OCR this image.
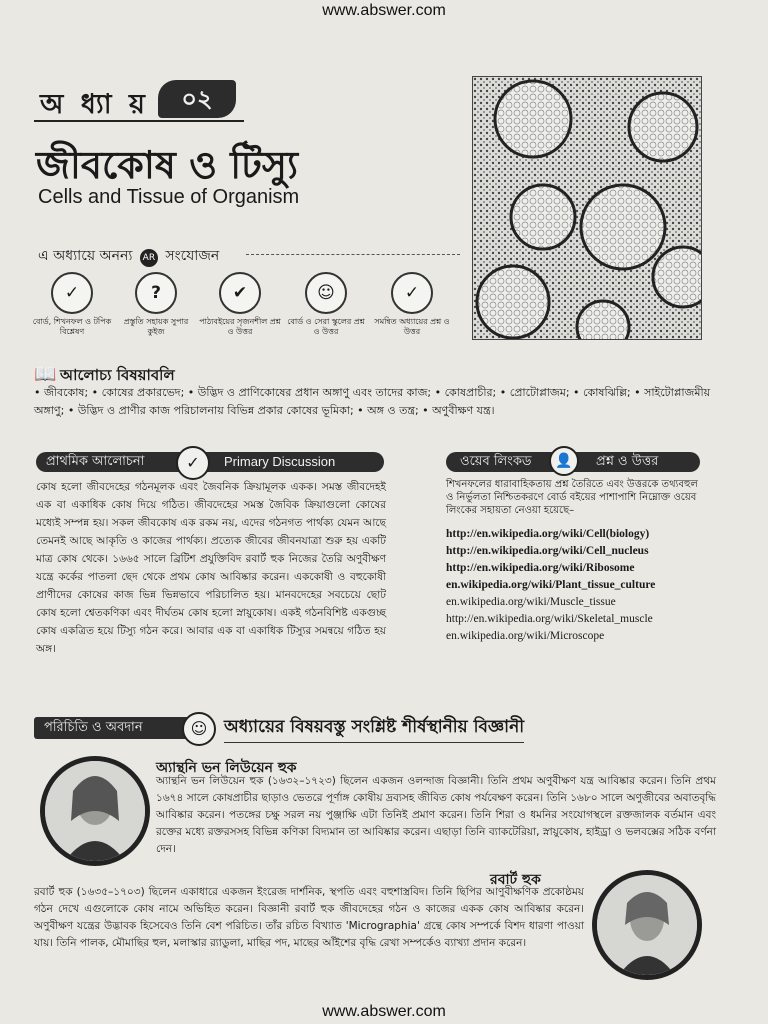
www.abswer.com
অ ধ্যা য়	০২
জীবকোষ ও টিস্যু
Cells and Tissue of Organism
এ অধ্যায়ে অনন্য AR সংযোজন
✓
বোর্ড, শিখনফল ও টপিক বিশ্লেষণ
?
প্রস্তুতি সহায়ক সুপার কুইজ
✔
পাঠ্যবইয়ের সৃজনশীল প্রশ্ন ও উত্তর
☺
বোর্ড ও সেরা স্কুলের প্রশ্ন ও উত্তর
✓
সমন্বিত অধ্যায়ের প্রশ্ন ও উত্তর
📖 আলোচ্য বিষয়াবলি
• জীবকোষ; • কোষের প্রকারভেদ; • উদ্ভিদ ও প্রাণিকোষের প্রধান অঙ্গাণু এবং তাদের কাজ; • কোষপ্রাচীর; • প্রোটোপ্লাজম; • কোষঝিল্লি; • সাইটোপ্লাজমীয় অঙ্গাণু; • উদ্ভিদ ও প্রাণীর কাজ পরিচালনায় বিভিন্ন প্রকার কোষের ভূমিকা; • অঙ্গ ও তন্ত্র; • অণুবীক্ষণ যন্ত্র।
প্রাথমিক আলোচনা	Primary Discussion
✓
কোষ হলো জীবদেহের গঠনমূলক এবং জৈবনিক ক্রিয়ামূলক একক। সমস্ত জীবদেহই এক বা একাধিক কোষ দিয়ে গঠিত। জীবদেহের সমস্ত জৈবিক ক্রিয়াগুলো কোষের মধ্যেই সম্পন্ন হয়। সকল জীবকোষ এক রকম নয়, এদের গঠনগত পার্থক্য যেমন আছে তেমনই আছে আকৃতি ও কাজের পার্থক্য। প্রত্যেক জীবের জীবনযাত্রা শুরু হয় একটি মাত্র কোষ থেকে। ১৬৬৫ সালে ব্রিটিশ প্রযুক্তিবিদ রবার্ট হুক নিজের তৈরি অণুবীক্ষণ যন্ত্রে কর্কের পাতলা ছেদ থেকে প্রথম কোষ আবিষ্কার করেন। এককোষী ও বহুকোষী প্রাণীদের কোষের কাজ ভিন্ন ভিন্নভাবে পরিচালিত হয়। মানবদেহের সবচেয়ে ছোট কোষ হলো শ্বেতকণিকা এবং দীর্ঘতম কোষ হলো স্নায়ুকোষ। একই গঠনবিশিষ্ট একগুচ্ছ কোষ একত্রিত হয়ে টিস্যু গঠন করে। আবার এক বা একাধিক টিস্যুর সমন্বয়ে গঠিত হয় অঙ্গ।
ওয়েব লিংকড	প্রশ্ন ও উত্তর
👤
শিখনফলের ধারাবাহিকতায় প্রশ্ন তৈরিতে এবং উত্তরকে তথ্যবহুল ও নির্ভুলতা নিশ্চিতকরণে বোর্ড বইয়ের পাশাপাশি নিম্নোক্ত ওয়েব লিংকের সহায়তা নেওয়া হয়েছে–
http://en.wikipedia.org/wiki/Cell(biology)
http://en.wikipedia.org/wiki/Cell_nucleus
http://en.wikipedia.org/wiki/Ribosome
en.wikipedia.org/wiki/Plant_tissue_culture
en.wikipedia.org/wiki/Muscle_tissue
http://en.wikipedia.org/wiki/Skeletal_muscle
en.wikipedia.org/wiki/Microscope
পরিচিতি ও অবদান	☺ অধ্যায়ের বিষয়বস্তু সংশ্লিষ্ট শীর্ষস্থানীয় বিজ্ঞানী
অ্যান্থনি ভন লিউয়েন হুক
অ্যান্থনি ভন লিউয়েন হুক (১৬৩২–১৭২৩) ছিলেন একজন ওলন্দাজ বিজ্ঞানী। তিনি প্রথম অণুবীক্ষণ যন্ত্র আবিষ্কার করেন। তিনি প্রথম ১৬৭৪ সালে কোষপ্রাচীর ছাড়াও ভেতরে পূর্ণাঙ্গ কোষীয় দ্রব্যসহ জীবিত কোষ পর্যবেক্ষণ করেন। তিনি ১৬৮০ সালে অণুজীবের অবাতবৃদ্ধি আবিষ্কার করেন। পতঙ্গের চক্ষু সরল নয় পুঞ্জাক্ষি এটা তিনিই প্রমাণ করেন। তিনি শিরা ও ধমনির সংযোগস্থলে রক্তজালক বর্তমান এবং রক্তের মধ্যে রক্তরসসহ বিভিন্ন কণিকা বিদ্যমান তা আবিষ্কার করেন। এছাড়া তিনি ব্যাকটেরিয়া, স্নায়ুকোষ, হাইড্রা ও ভলবক্সের সঠিক বর্ণনা দেন।
রবার্ট হুক
রবার্ট হুক (১৬৩৫–১৭০৩) ছিলেন একাধারে একজন ইংরেজ দার্শনিক, স্থপতি এবং বহুশাস্ত্রবিদ। তিনি ছিপির আণুবীক্ষণিক প্রকোষ্ঠময় গঠন দেখে এগুলোকে কোষ নামে অভিহিত করেন। বিজ্ঞানী রবার্ট হুক জীবদেহের গঠন ও কাজের একক কোষ আবিষ্কার করেন। অণুবীক্ষণ যন্ত্রের উদ্ভাবক হিসেবেও তিনি বেশ পরিচিত। তাঁর রচিত বিখ্যাত 'Micrographia' গ্রন্থে কোষ সম্পর্কে বিশদ ধারণা পাওয়া যায়। তিনি পালক, মৌমাছির হুল, মলাস্কার র‍্যাডুলা, মাছির পদ, মাছের আঁইশের বৃদ্ধি রেখা সম্পর্কেও ব্যাখ্যা প্রদান করেন।
www.abswer.com
